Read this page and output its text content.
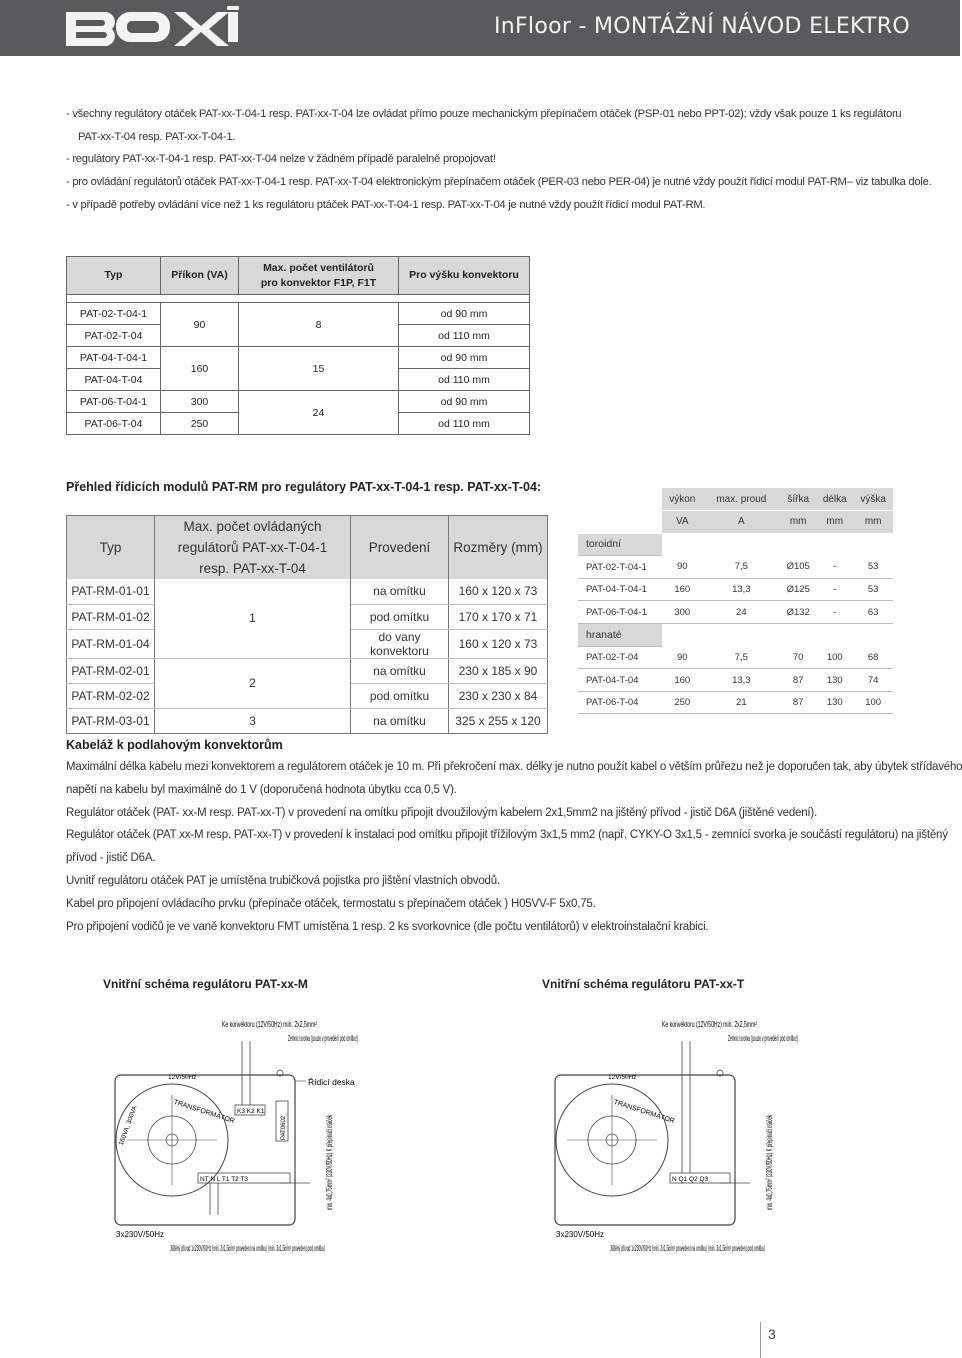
InFloor - MONTÁŽNÍ NÁVOD ELEKTRO

- všechny regulátory otáček PAT-xx-T-04-1 resp. PAT-xx-T-04 lze ovládat přímo pouze mechanickým přepínačem otáček (PSP-01 nebo PPT-02); vždy však pouze 1 ks regulátoru

PAT-xx-T-04 resp. PAT-xx-T-04-1.

- regulátory PAT-xx-T-04-1 resp. PAT-xx-T-04 nelze v žádném případě paralelně propojovat!

- pro ovládání regulátorů otáček PAT-xx-T-04-1 resp. PAT-xx-T-04 elektronickým přepínačem otáček (PER-03 nebo PER-04) je nutné vždy použít řídicí modul PAT-RM– viz tabulka dole.

- v případě potřeby ovládání více než 1 ks regulátoru ptáček PAT-xx-T-04-1 resp. PAT-xx-T-04 je nutné vždy použít řídicí modul PAT-RM.

Typ	Příkon (VA)	Max. počet ventilátorů pro konvektor F1P, F1T	Pro výšku konvektoru

PAT-02-T-04-1	90	8	od 90 mm
PAT-02-T-04			od 110 mm
PAT-04-T-04-1	160	15	od 90 mm
PAT-04-T-04			od 110 mm
PAT-06-T-04-1	300	24	od 90 mm
PAT-06-T-04	250		od 110 mm
Přehled řídicích modulů PAT-RM pro regulátory PAT-xx-T-04-1 resp. PAT-xx-T-04:
Typ	Max. počet ovládaných regulátorů PAT-xx-T-04-1 resp. PAT-xx-T-04	Provedení	Rozměry (mm)
PAT-RM-01-01	1	na omítku	160 x 120 x 73
PAT-RM-01-02		pod omítku	170 x 170 x 71
PAT-RM-01-04		do vany konvektoru	160 x 120 x 73
PAT-RM-02-01	2	na omítku	230 x 185 x 90
PAT-RM-02-02		pod omítku	230 x 230 x 84
PAT-RM-03-01	3	na omítku	325 x 255 x 120
	výkon	max. proud	šířka	délka	výška
	VA	A	mm	mm	mm
toroidní					
PAT-02-T-04-1	90	7,5	Ø105	-	53
PAT-04-T-04-1	160	13,3	Ø125	-	53
PAT-06-T-04-1	300	24	Ø132	-	63
hranaté					
PAT-02-T-04	90	7,5	70	100	68
PAT-04-T-04	160	13,3	87	130	74
PAT-06-T-04	250	21	87	130	100
Kabeláž k podlahovým konvektorům

Maximální délka kabelu mezi konvektorem a regulátorem otáček je 10 m. Při překročení max. délky je nutno použít kabel o větším průřezu než je doporučen tak, aby úbytek střídavého

napětí na kabelu byl maximálně do 1 V (doporučená hodnota úbytku cca 0,5 V).

Regulátor otáček (PAT- xx-M resp. PAT-xx-T) v provedení na omítku připojit dvoužilovým kabelem 2x1,5mm2 na jištěný přívod - jistič D6A (jištěné vedení).

Regulátor otáček (PAT xx-M resp. PAT-xx-T) v provedení k instalaci pod omítku připojit třížilovým 3x1,5 mm2 (např. CYKY-O 3x1,5 - zemnící svorka je součástí regulátoru) na jištěný

přívod - jistič D6A.

Uvnitř regulátoru otáček PAT je umístěna trubičková pojistka pro jištění vlastních obvodů.

Kabel pro připojení ovládacího prvku (přepínače otáček, termostatu s přepínačem otáček ) H05VV-F 5x0,75.

Pro připojení vodičů je ve vaně konvektoru FMT umístěna 1 resp. 2 ks svorkovnice (dle počtu ventilátorů) v elektroinstalační krabici.

Vnitřní schéma regulátoru PAT-xx-M	Vnitřní schéma regulátoru PAT-xx-T
12V/50Hz
3x230V/50Hz
TRANSFORMÁTOR
160VA, 300VA	K3 K2 K1
PAT0602
NT N L T1 T2 T3
Ke konvektoru (12V/50Hz) min. 2x2,5mm²
Zemnicí svorka (pouze v provedení pod omítku!)
Řídicí deska
min. 4x0,75mm² (230V/50Hz) K přepínači otáček
Jištěný přívod 1x230V/50Hz (min. 2x1,5mm² provedení na omítku) (min. 3x1,5mm² provedení pod omítku)
12V/50Hz
3x230V/50Hz
TRANSFORMÁTOR
N Q1 Q2 Q3
Ke konvektoru (12V/50Hz) min. 2x2,5mm²
Zemnicí svorka (pouze v provedení pod omítku!)
min. 4x0,75mm² (230V/50Hz) K přepínači otáček
Jištěný přívod 1x230V/50Hz (min. 2x1,5mm² provedení na omítku) (min. 3x1,5mm² provedení pod omítku)
3
